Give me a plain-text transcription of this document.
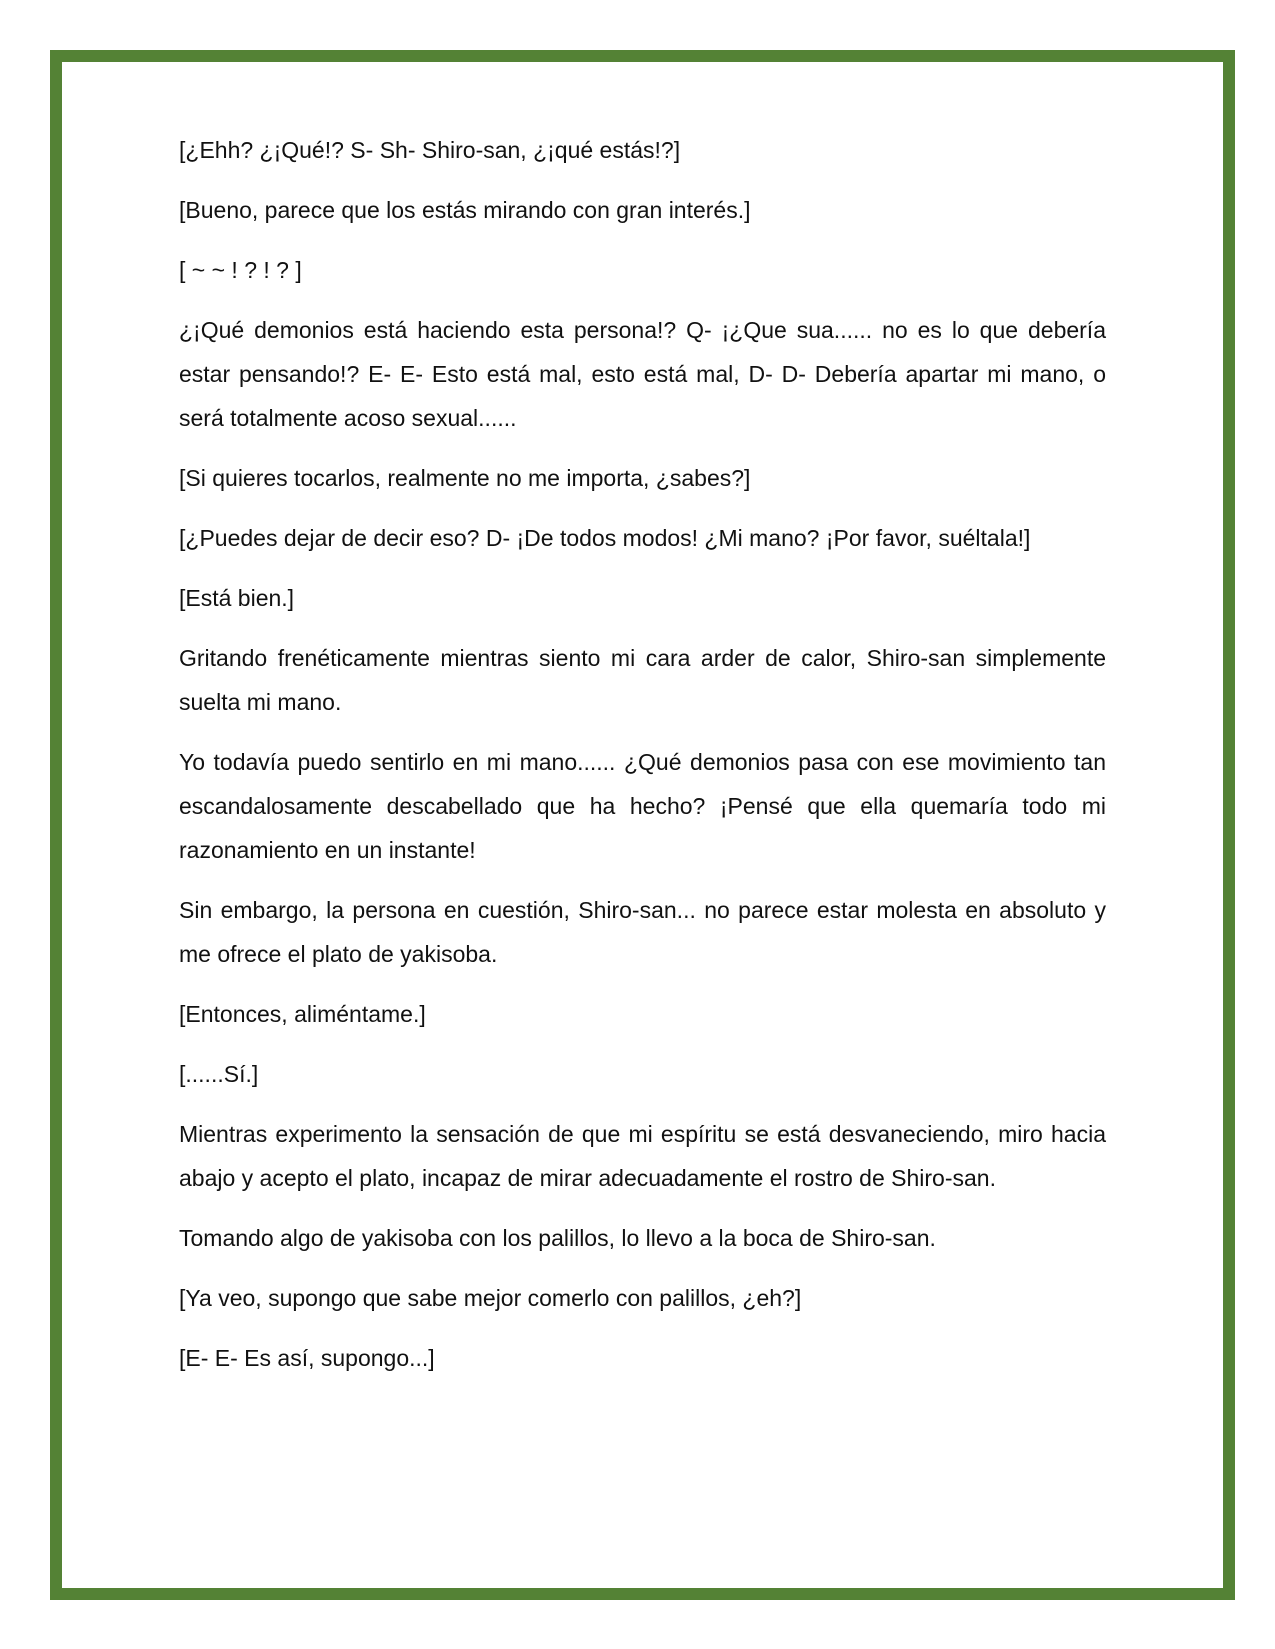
[¿Ehh? ¿¡Qué!? S- Sh- Shiro-san, ¿¡qué estás!?]

[Bueno, parece que los estás mirando con gran interés.]

[ ~ ~ ! ? ! ? ]

¿¡Qué demonios está haciendo esta persona!? Q- ¡¿Que sua...... no es lo que debería estar pensando!? E- E- Esto está mal, esto está mal, D- D- Debería apartar mi mano, o será totalmente acoso sexual......

[Si quieres tocarlos, realmente no me importa, ¿sabes?]

[¿Puedes dejar de decir eso? D- ¡De todos modos! ¿Mi mano? ¡Por favor, suéltala!]

[Está bien.]

Gritando frenéticamente mientras siento mi cara arder de calor, Shiro-san simplemente suelta mi mano.

Yo todavía puedo sentirlo en mi mano...... ¿Qué demonios pasa con ese movimiento tan escandalosamente descabellado que ha hecho? ¡Pensé que ella quemaría todo mi razonamiento en un instante!

Sin embargo, la persona en cuestión, Shiro-san... no parece estar molesta en absoluto y me ofrece el plato de yakisoba.

[Entonces, aliméntame.]

[......Sí.]

Mientras experimento la sensación de que mi espíritu se está desvaneciendo, miro hacia abajo y acepto el plato, incapaz de mirar adecuadamente el rostro de Shiro-san.

Tomando algo de yakisoba con los palillos, lo llevo a la boca de Shiro-san.

[Ya veo, supongo que sabe mejor comerlo con palillos, ¿eh?]

[E- E- Es así, supongo...]
